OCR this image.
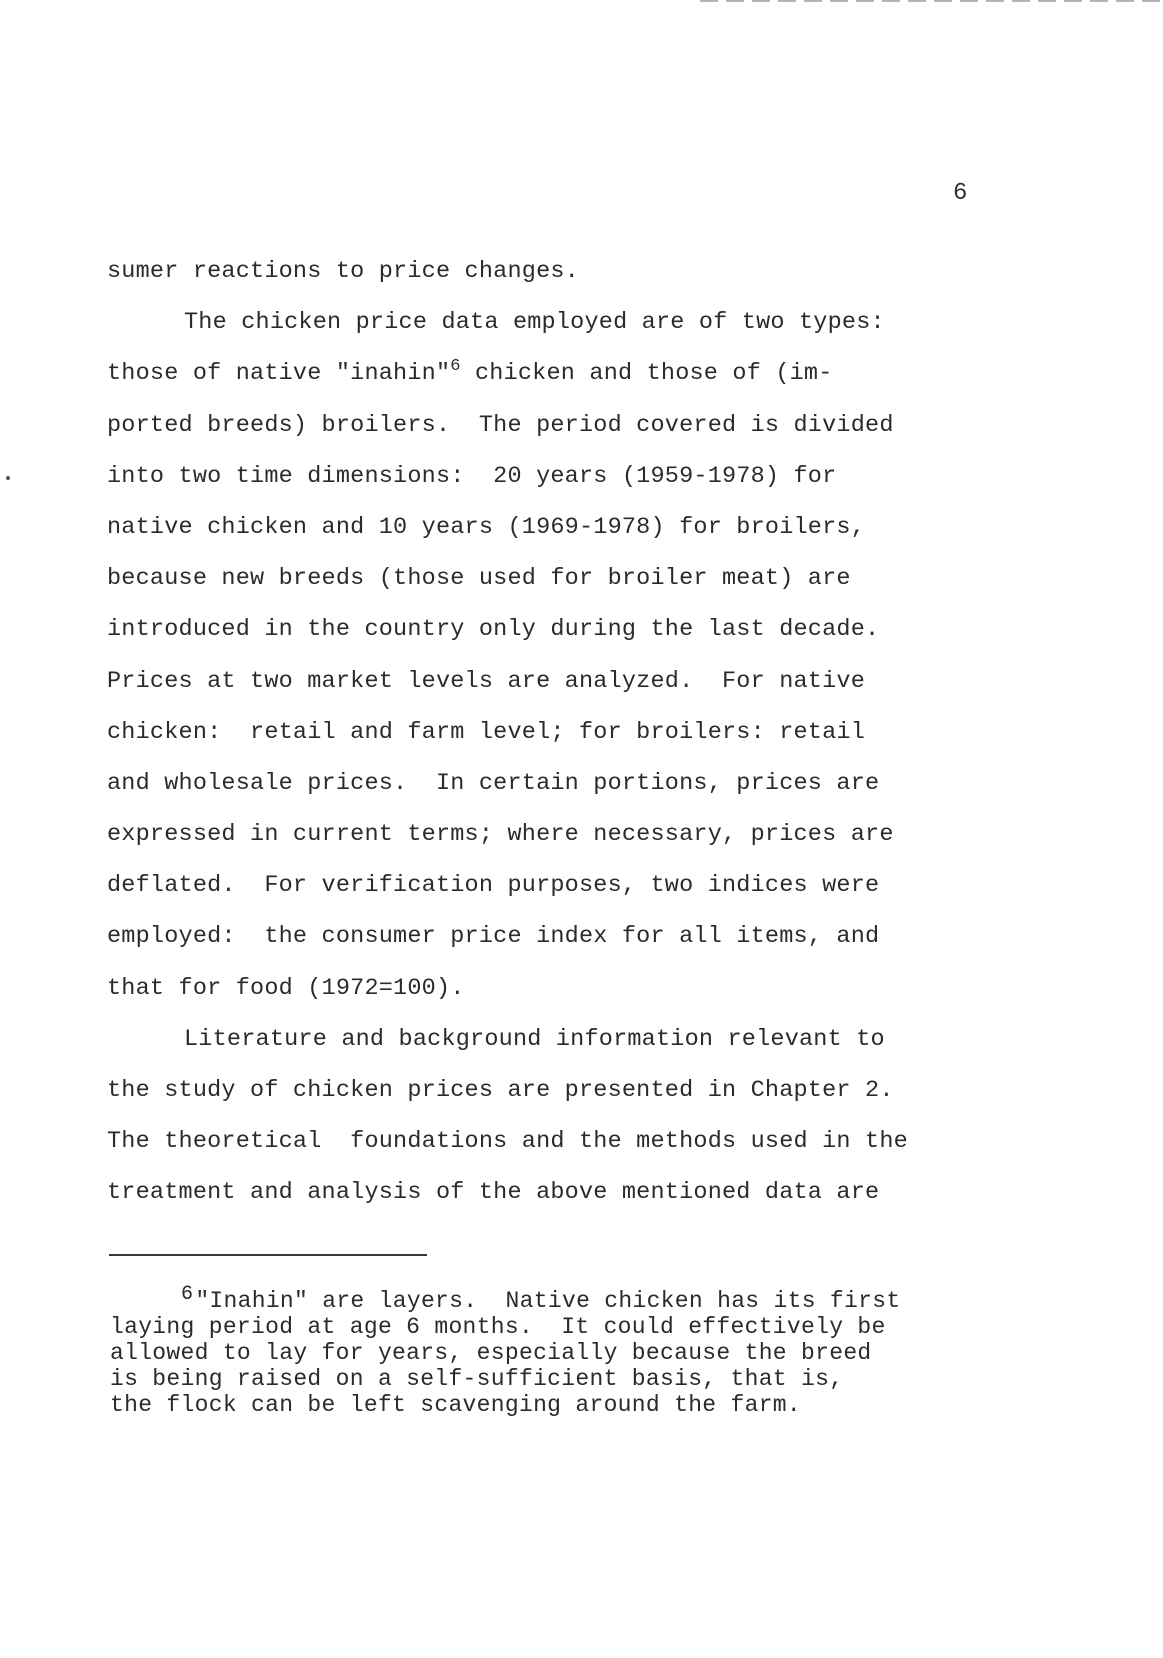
6
sumer reactions to price changes.
The chicken price data employed are of two types:
those of native "inahin"$^6$ chicken and those of (im-
ported breeds) broilers.  The period covered is divided
into two time dimensions:  20 years (1959-1978) for
native chicken and 10 years (1969-1978) for broilers,
because new breeds (those used for broiler meat) are
introduced in the country only during the last decade.
Prices at two market levels are analyzed.  For native
chicken:  retail and farm level; for broilers: retail
and wholesale prices.  In certain portions, prices are
expressed in current terms; where necessary, prices are
deflated.  For verification purposes, two indices were
employed:  the consumer price index for all items, and
that for food (1972=100).
Literature and background information relevant to
the study of chicken prices are presented in Chapter 2.
The theoretical  foundations and the methods used in the
treatment and analysis of the above mentioned data are
6"Inahin" are layers.  Native chicken has its first
laying period at age 6 months.  It could effectively be
allowed to lay for years, especially because the breed
is being raised on a self-sufficient basis, that is,
the flock can be left scavenging around the farm.
